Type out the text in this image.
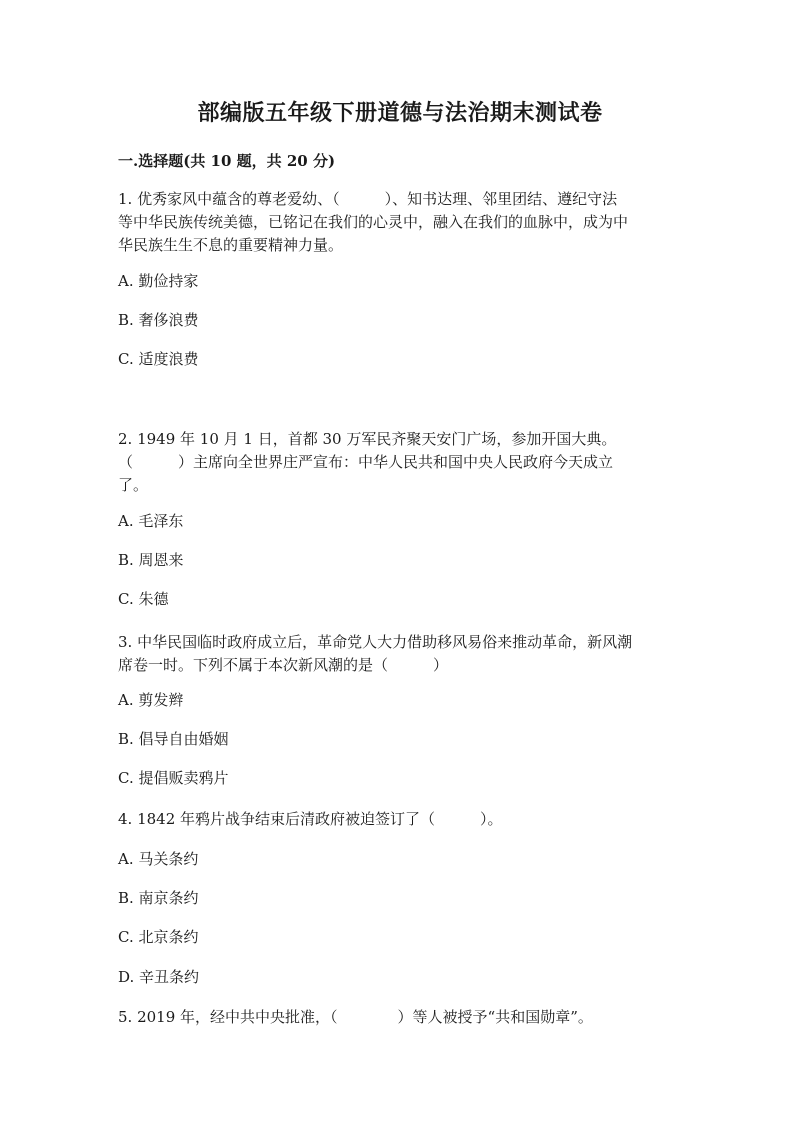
部编版五年级下册道德与法治期末测试卷
一.选择题(共 10 题，共 20 分)
1. 优秀家风中蕴含的尊老爱幼、（　　　）、知书达理、邻里团结、遵纪守法
等中华民族传统美德，已铭记在我们的心灵中，融入在我们的血脉中，成为中
华民族生生不息的重要精神力量。
A. 勤俭持家
B. 奢侈浪费
C. 适度浪费
2. 1949 年 10 月 1 日，首都 30 万军民齐聚天安门广场，参加开国大典。
（　　　）主席向全世界庄严宣布：中华人民共和国中央人民政府今天成立
了。
A. 毛泽东
B. 周恩来
C. 朱德
3. 中华民国临时政府成立后，革命党人大力借助移风易俗来推动革命，新风潮
席卷一时。下列不属于本次新风潮的是（　　　）
A. 剪发辫
B. 倡导自由婚姻
C. 提倡贩卖鸦片
4. 1842 年鸦片战争结束后清政府被迫签订了（　　　）。
A. 马关条约
B. 南京条约
C. 北京条约
D. 辛丑条约
5. 2019 年，经中共中央批准，（　　　　）等人被授予“共和国勋章”。
